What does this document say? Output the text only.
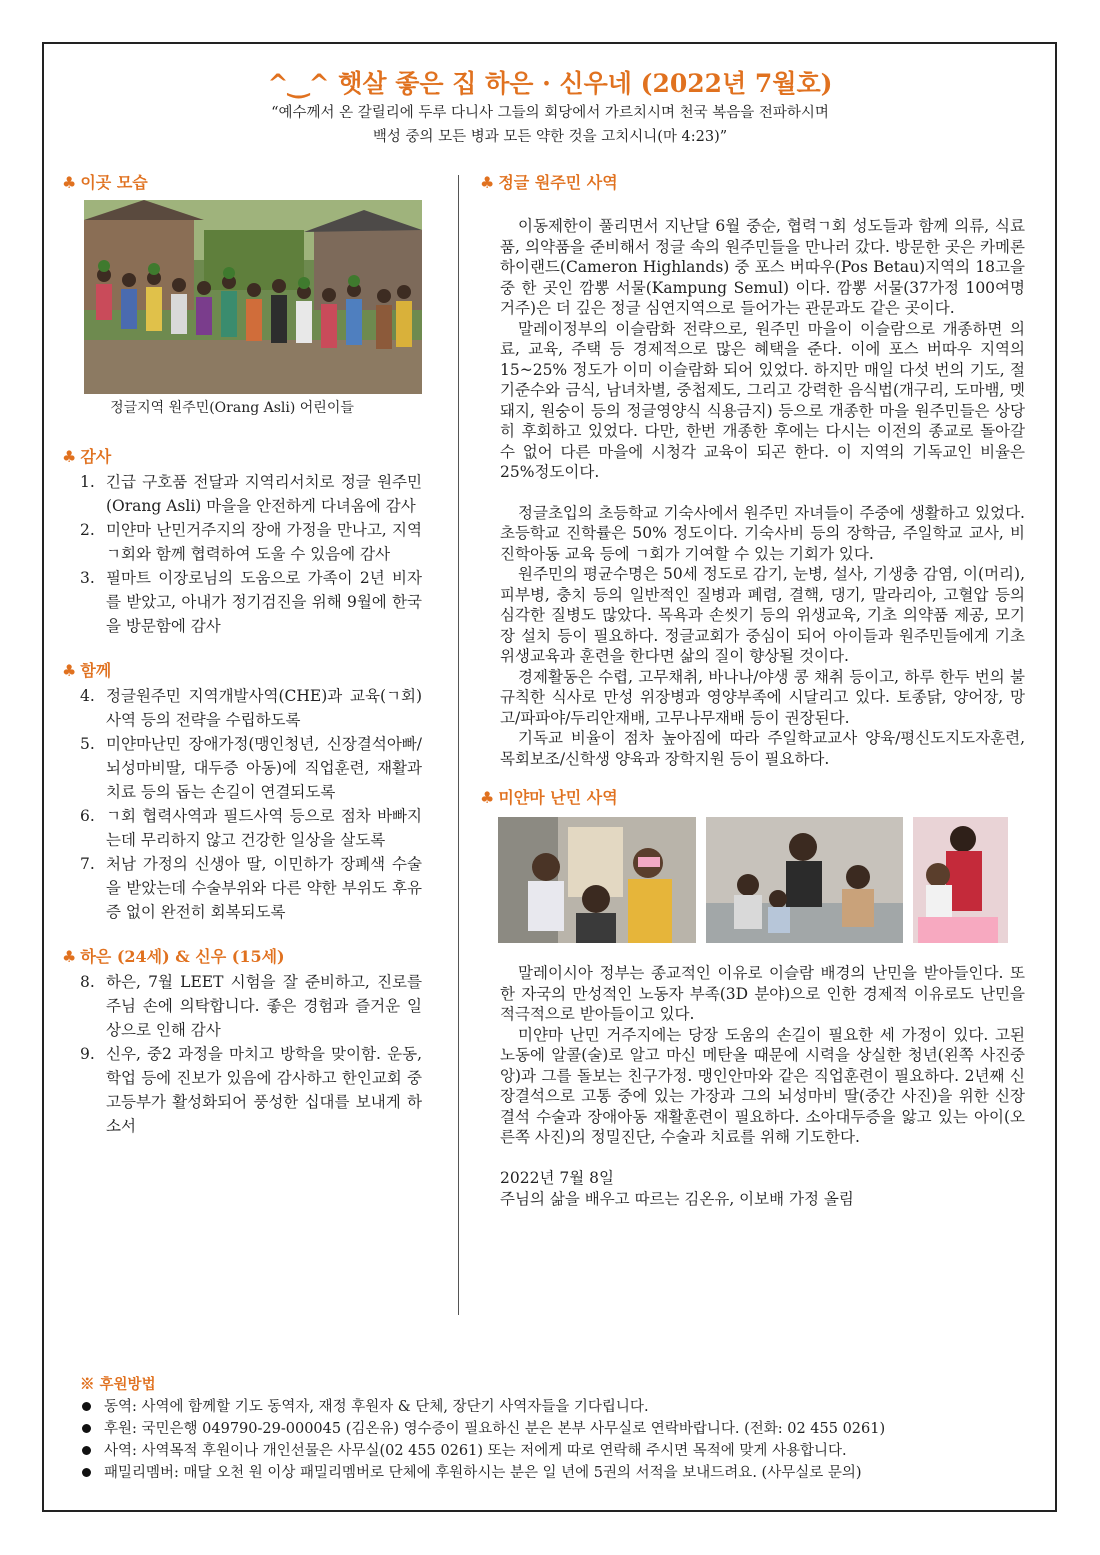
^‿^ 햇살 좋은 집 하은 · 신우네 (2022년 7월호)
“예수께서 온 갈릴리에 두루 다니사 그들의 회당에서 가르치시며 천국 복음을 전파하시며
백성 중의 모든 병과 모든 약한 것을 고치시니(마 4:23)”
♣ 이곳 모습
정글지역 원주민(Orang Asli) 어린이들
♣ 감사
1. 긴급 구호품 전달과 지역리서치로 정글 원주민(Orang Asli) 마을을 안전하게 다녀옴에 감사
2. 미얀마 난민거주지의 장애 가정을 만나고, 지역ㄱ회와 함께 협력하여 도울 수 있음에 감사
3. 필마트 이장로님의 도움으로 가족이 2년 비자를 받았고, 아내가 정기검진을 위해 9월에 한국을 방문함에 감사
♣ 함께
4. 정글원주민 지역개발사역(CHE)과 교육(ㄱ회)사역 등의 전략을 수립하도록
5. 미얀마난민 장애가정(맹인청년, 신장결석아빠/뇌성마비딸, 대두증 아동)에 직업훈련, 재활과 치료 등의 돕는 손길이 연결되도록
6. ㄱ회 협력사역과 필드사역 등으로 점차 바빠지는데 무리하지 않고 건강한 일상을 살도록
7. 처남 가정의 신생아 딸, 이민하가 장폐색 수술을 받았는데 수술부위와 다른 약한 부위도 후유증 없이 완전히 회복되도록
♣ 하은 (24세) & 신우 (15세)
8. 하은, 7월 LEET 시험을 잘 준비하고, 진로를 주님 손에 의탁합니다. 좋은 경험과 즐거운 일상으로 인해 감사
9. 신우, 중2 과정을 마치고 방학을 맞이함. 운동, 학업 등에 진보가 있음에 감사하고 한인교회 중고등부가 활성화되어 풍성한 십대를 보내게 하소서
♣ 정글 원주민 사역

이동제한이 풀리면서 지난달 6월 중순, 협력ㄱ회 성도들과 함께 의류, 식료품, 의약품을 준비해서 정글 속의 원주민들을 만나러 갔다. 방문한 곳은 카메론 하이랜드(Cameron Highlands) 중 포스 버따우(Pos Betau)지역의 18고을 중 한 곳인 깜뽕 서물(Kampung Semul) 이다. 깜뽕 서물(37가정 100여명 거주)은 더 깊은 정글 심연지역으로 들어가는 관문과도 같은 곳이다.

말레이정부의 이슬람화 전략으로, 원주민 마을이 이슬람으로 개종하면 의료, 교육, 주택 등 경제적으로 많은 혜택을 준다. 이에 포스 버따우 지역의 15~25% 정도가 이미 이슬람화 되어 있었다. 하지만 매일 다섯 번의 기도, 절기준수와 금식, 남녀차별, 중첩제도, 그리고 강력한 음식법(개구리, 도마뱀, 멧돼지, 원숭이 등의 정글영양식 식용금지) 등으로 개종한 마을 원주민들은 상당히 후회하고 있었다. 다만, 한번 개종한 후에는 다시는 이전의 종교로 돌아갈 수 없어 다른 마을에 시청각 교육이 되곤 한다. 이 지역의 기독교인 비율은 25%정도이다.

정글초입의 초등학교 기숙사에서 원주민 자녀들이 주중에 생활하고 있었다. 초등학교 진학률은 50% 정도이다. 기숙사비 등의 장학금, 주일학교 교사, 비진학아동 교육 등에 ㄱ회가 기여할 수 있는 기회가 있다.

원주민의 평균수명은 50세 정도로 감기, 눈병, 설사, 기생충 감염, 이(머리), 피부병, 충치 등의 일반적인 질병과 폐렴, 결핵, 댕기, 말라리아, 고혈압 등의 심각한 질병도 많았다. 목욕과 손씻기 등의 위생교육, 기초 의약품 제공, 모기장 설치 등이 필요하다. 정글교회가 중심이 되어 아이들과 원주민들에게 기초위생교육과 훈련을 한다면 삶의 질이 향상될 것이다.

경제활동은 수렵, 고무채취, 바나나/야생 콩 채취 등이고, 하루 한두 번의 불규칙한 식사로 만성 위장병과 영양부족에 시달리고 있다. 토종닭, 양어장, 망고/파파야/두리안재배, 고무나무재배 등이 권장된다.

기독교 비율이 점차 높아짐에 따라 주일학교교사 양육/평신도지도자훈련, 목회보조/신학생 양육과 장학지원 등이 필요하다.

♣ 미얀마 난민 사역

말레이시아 정부는 종교적인 이유로 이슬람 배경의 난민을 받아들인다. 또한 자국의 만성적인 노동자 부족(3D 분야)으로 인한 경제적 이유로도 난민을 적극적으로 받아들이고 있다.

미얀마 난민 거주지에는 당장 도움의 손길이 필요한 세 가정이 있다. 고된 노동에 알콜(술)로 알고 마신 메탄올 때문에 시력을 상실한 청년(왼쪽 사진중앙)과 그를 돌보는 친구가정. 맹인안마와 같은 직업훈련이 필요하다. 2년째 신장결석으로 고통 중에 있는 가장과 그의 뇌성마비 딸(중간 사진)을 위한 신장결석 수술과 장애아동 재활훈련이 필요하다. 소아대두증을 앓고 있는 아이(오른쪽 사진)의 정밀진단, 수술과 치료를 위해 기도한다.

2022년 7월 8일
주님의 삶을 배우고 따르는 김온유, 이보배 가정 올림
※ 후원방법
동역: 사역에 함께할 기도 동역자, 재정 후원자 & 단체, 장단기 사역자들을 기다립니다.
후원: 국민은행 049790-29-000045 (김온유) 영수증이 필요하신 분은 본부 사무실로 연락바랍니다. (전화: 02 455 0261)
사역: 사역목적 후원이나 개인선물은 사무실(02 455 0261) 또는 저에게 따로 연락해 주시면 목적에 맞게 사용합니다.
패밀리멤버: 매달 오천 원 이상 패밀리멤버로 단체에 후원하시는 분은 일 년에 5권의 서적을 보내드려요. (사무실로 문의)
